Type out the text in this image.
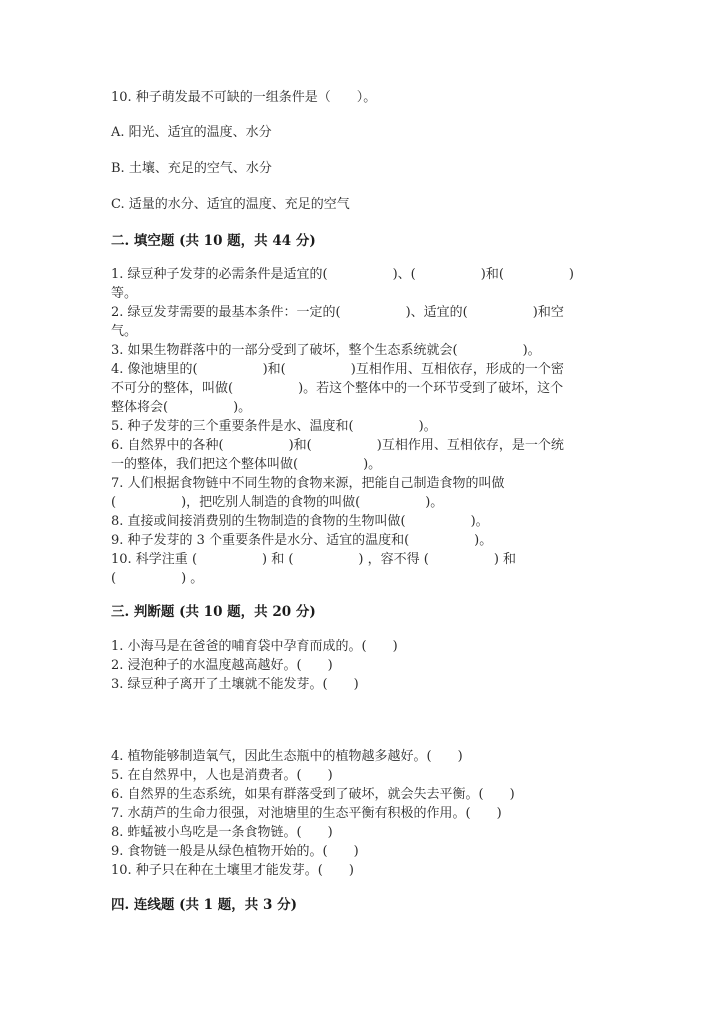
10. 种子萌发最不可缺的一组条件是（　　）。
A. 阳光、适宜的温度、水分
B. 土壤、充足的空气、水分
C. 适量的水分、适宜的温度、充足的空气
二. 填空题 (共 10 题，共 44 分)
1. 绿豆种子发芽的必需条件是适宜的(　　　　　)、(　　　　　)和(　　　　　)
等。
2. 绿豆发芽需要的最基本条件：一定的(　　　　　)、适宜的(　　　　　)和空
气。
3. 如果生物群落中的一部分受到了破坏，整个生态系统就会(　　　　　)。
4. 像池塘里的(　　　　　)和(　　　　　)互相作用、互相依存，形成的一个密
不可分的整体，叫做(　　　　　)。若这个整体中的一个环节受到了破坏，这个
整体将会(　　　　　)。
5. 种子发芽的三个重要条件是水、温度和(　　　　　)。
6. 自然界中的各种(　　　　　)和(　　　　　)互相作用、互相依存，是一个统
一的整体，我们把这个整体叫做(　　　　　)。
7. 人们根据食物链中不同生物的食物来源，把能自己制造食物的叫做
(　　　　　)，把吃别人制造的食物的叫做(　　　　　)。
8. 直接或间接消费别的生物制造的食物的生物叫做(　　　　　)。
9. 种子发芽的 3 个重要条件是水分、适宜的温度和(　　　　　)。
10. 科学注重 (　　　　　) 和 (　　　　　) ，容不得 (　　　　　) 和
(　　　　　) 。
三. 判断题 (共 10 题，共 20 分)
1. 小海马是在爸爸的哺育袋中孕育而成的。(　　)
2. 浸泡种子的水温度越高越好。(　　)
3. 绿豆种子离开了土壤就不能发芽。(　　)
4. 植物能够制造氧气，因此生态瓶中的植物越多越好。(　　)
5. 在自然界中，人也是消费者。(　　)
6. 自然界的生态系统，如果有群落受到了破坏，就会失去平衡。(　　)
7. 水葫芦的生命力很强，对池塘里的生态平衡有积极的作用。(　　)
8. 蚱蜢被小鸟吃是一条食物链。(　　)
9. 食物链一般是从绿色植物开始的。(　　)
10. 种子只在种在土壤里才能发芽。(　　)
四. 连线题 (共 1 题，共 3 分)
